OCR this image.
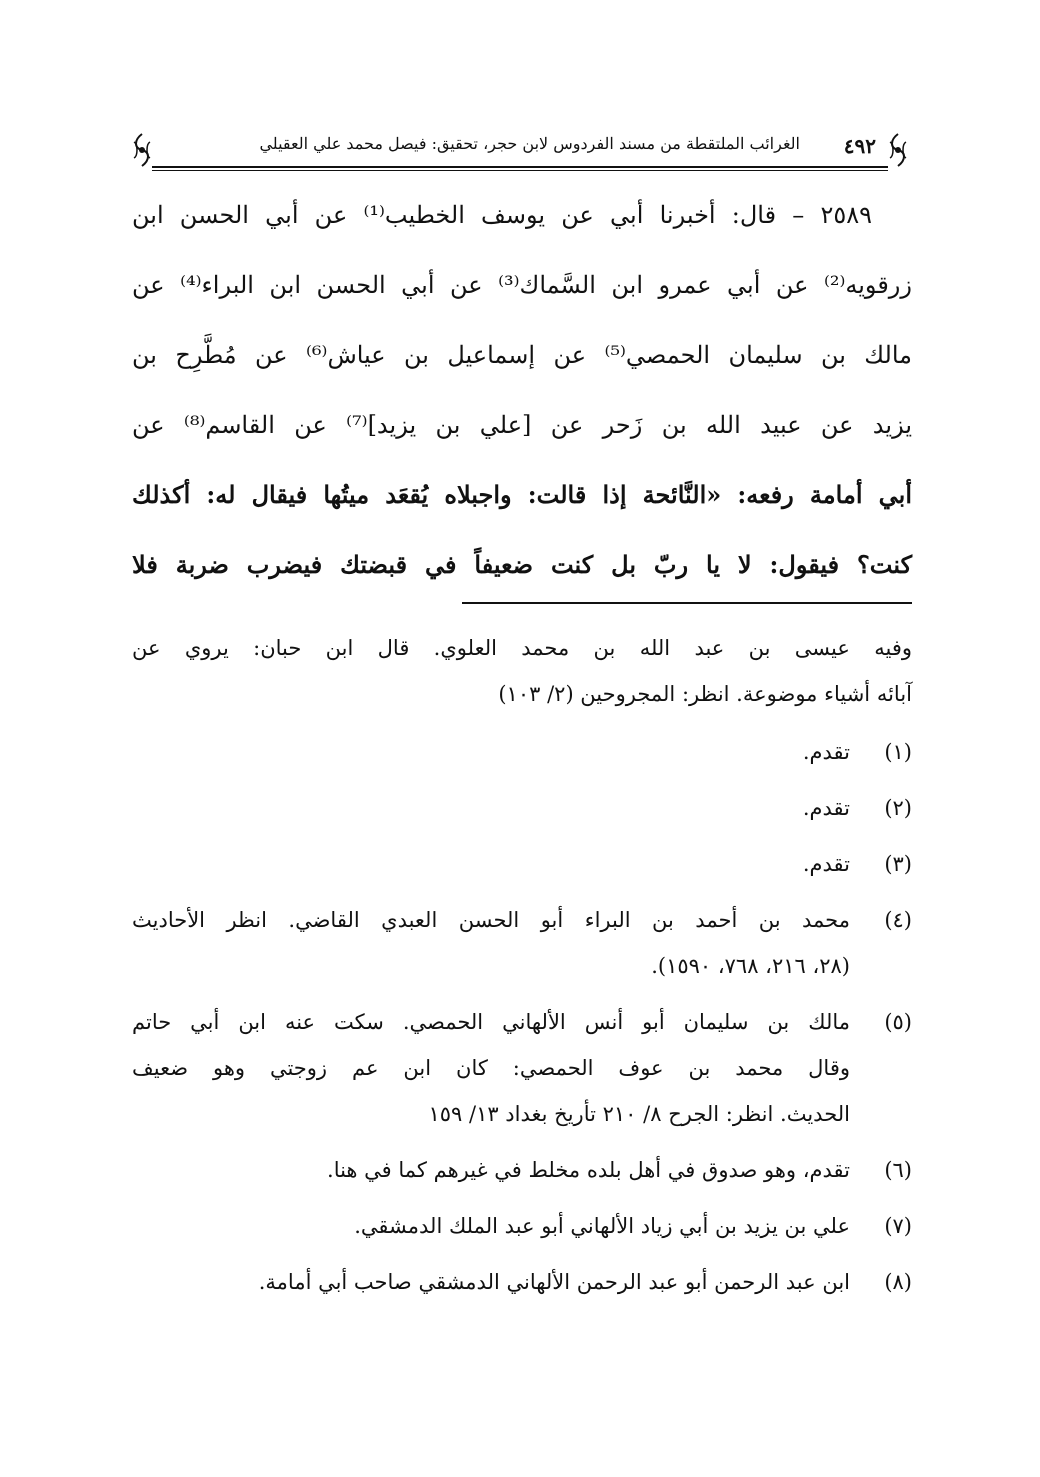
٤٩٢
الغرائب الملتقطة من مسند الفردوس لابن حجر، تحقيق: فيصل محمد علي العقيلي
٢٥٨٩ – قال: أخبرنا أبي عن يوسف الخطيب⁽¹⁾ عن أبي الحسن ابن
زرقويه⁽²⁾ عن أبي عمرو ابن السَّماك⁽³⁾ عن أبي الحسن ابن البراء⁽⁴⁾ عن
مالك بن سليمان الحمصي⁽⁵⁾ عن إسماعيل بن عياش⁽⁶⁾ عن مُطَّرِح بن
يزيد عن عبيد الله بن زَحر عن [علي بن يزيد]⁽⁷⁾ عن القاسم⁽⁸⁾ عن
أبي أمامة رفعه: «النَّائحة إذا قالت: واجبلاه يُقعَد ميتُها فيقال له: أكذلك
كنت؟ فيقول: لا يا ربّ بل كنت ضعيفاً في قبضتك فيضرب ضربة فلا
وفيه عيسى بن عبد الله بن محمد العلوي. قال ابن حبان: يروي عن
آبائه أشياء موضوعة. انظر: المجروحين (٢/ ١٠٣)
(١)
تقدم.
(٢)
تقدم.
(٣)
تقدم.
(٤)
محمد بن أحمد بن البراء أبو الحسن العبدي القاضي. انظر الأحاديث
(٢٨، ٢١٦، ٧٦٨، ١٥٩٠).
(٥)
مالك بن سليمان أبو أنس الألهاني الحمصي. سكت عنه ابن أبي حاتم
وقال محمد بن عوف الحمصي: كان ابن عم زوجتي وهو ضعيف
الحديث. انظر: الجرح ٨/ ٢١٠ تأريخ بغداد ١٣/ ١٥٩
(٦)
تقدم، وهو صدوق في أهل بلده مخلط في غيرهم كما في هنا.
(٧)
علي بن يزيد بن أبي زياد الألهاني أبو عبد الملك الدمشقي.
(٨)
ابن عبد الرحمن أبو عبد الرحمن الألهاني الدمشقي صاحب أبي أمامة.
